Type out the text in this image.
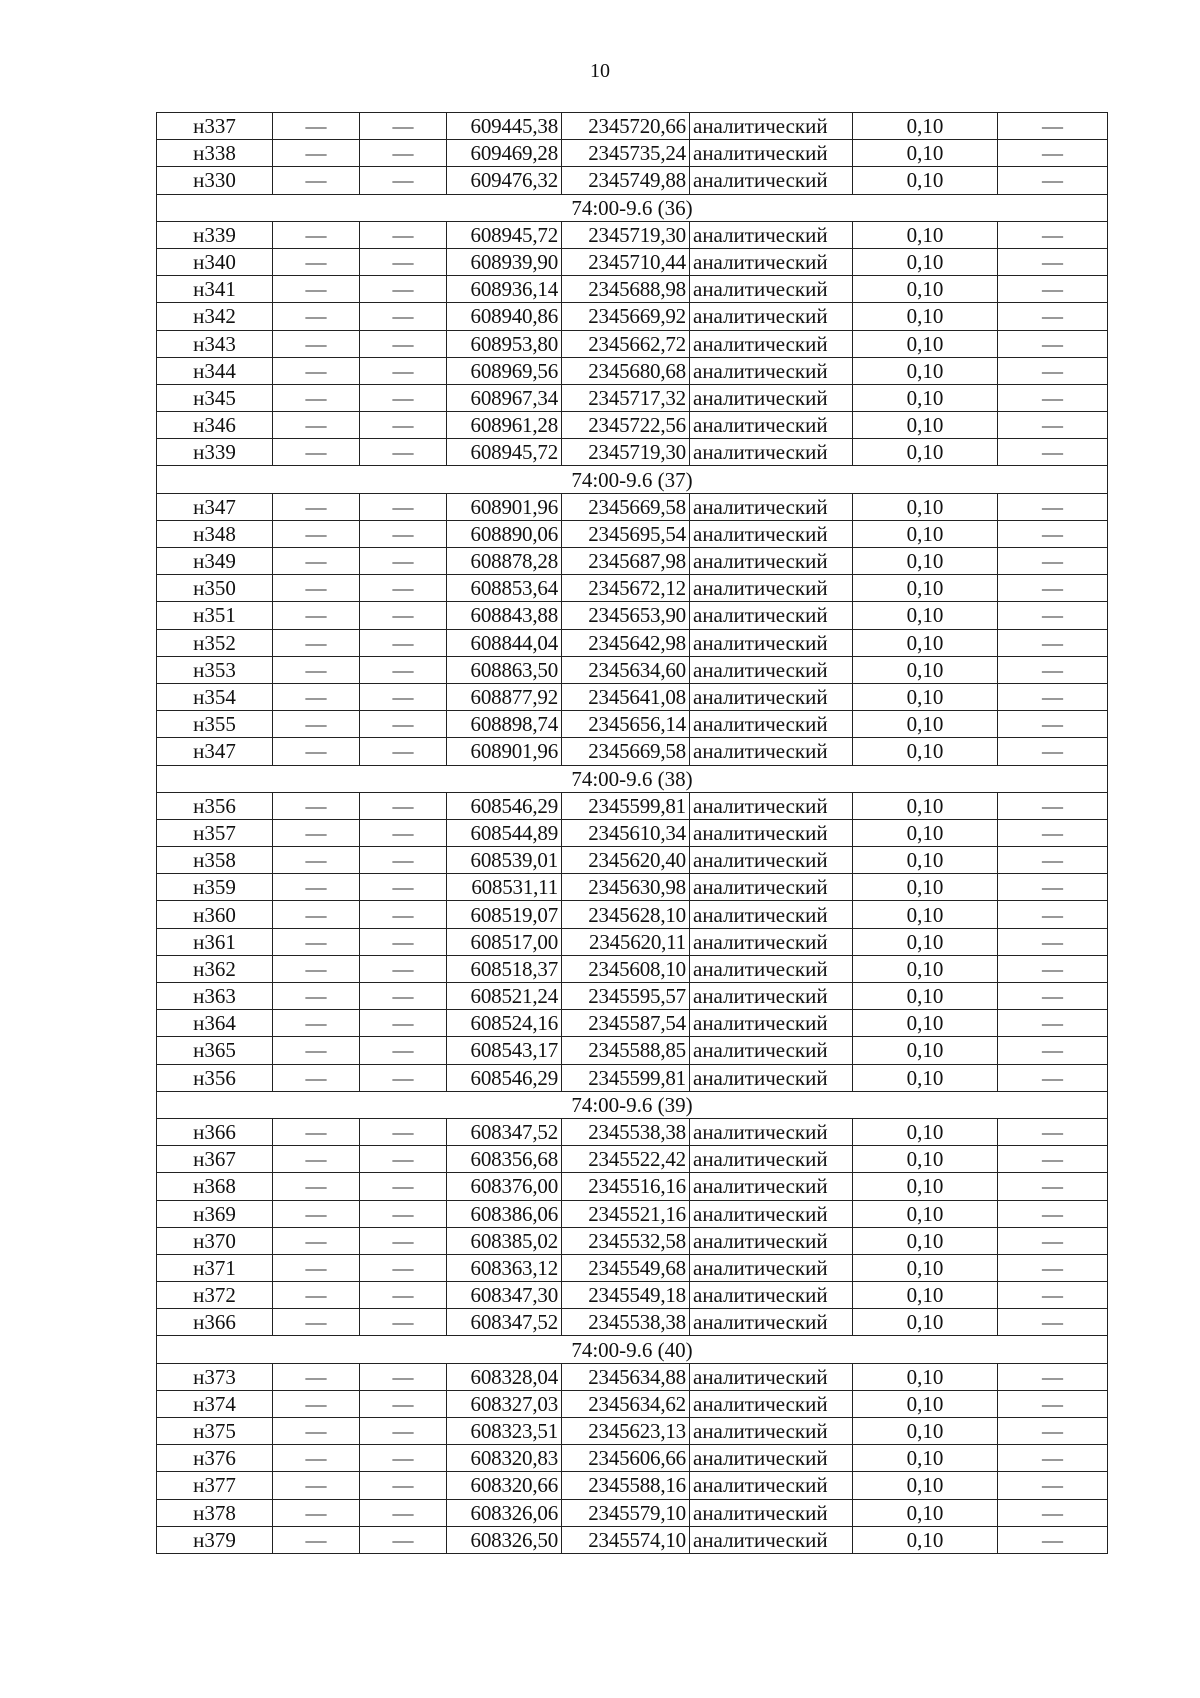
10
н337	—	—	609445,38	2345720,66	аналитический	0,10	—
н338	—	—	609469,28	2345735,24	аналитический	0,10	—
н330	—	—	609476,32	2345749,88	аналитический	0,10	—
74:00-9.6 (36)							
н339	—	—	608945,72	2345719,30	аналитический	0,10	—
н340	—	—	608939,90	2345710,44	аналитический	0,10	—
н341	—	—	608936,14	2345688,98	аналитический	0,10	—
н342	—	—	608940,86	2345669,92	аналитический	0,10	—
н343	—	—	608953,80	2345662,72	аналитический	0,10	—
н344	—	—	608969,56	2345680,68	аналитический	0,10	—
н345	—	—	608967,34	2345717,32	аналитический	0,10	—
н346	—	—	608961,28	2345722,56	аналитический	0,10	—
н339	—	—	608945,72	2345719,30	аналитический	0,10	—
74:00-9.6 (37)							
н347	—	—	608901,96	2345669,58	аналитический	0,10	—
н348	—	—	608890,06	2345695,54	аналитический	0,10	—
н349	—	—	608878,28	2345687,98	аналитический	0,10	—
н350	—	—	608853,64	2345672,12	аналитический	0,10	—
н351	—	—	608843,88	2345653,90	аналитический	0,10	—
н352	—	—	608844,04	2345642,98	аналитический	0,10	—
н353	—	—	608863,50	2345634,60	аналитический	0,10	—
н354	—	—	608877,92	2345641,08	аналитический	0,10	—
н355	—	—	608898,74	2345656,14	аналитический	0,10	—
н347	—	—	608901,96	2345669,58	аналитический	0,10	—
74:00-9.6 (38)							
н356	—	—	608546,29	2345599,81	аналитический	0,10	—
н357	—	—	608544,89	2345610,34	аналитический	0,10	—
н358	—	—	608539,01	2345620,40	аналитический	0,10	—
н359	—	—	608531,11	2345630,98	аналитический	0,10	—
н360	—	—	608519,07	2345628,10	аналитический	0,10	—
н361	—	—	608517,00	2345620,11	аналитический	0,10	—
н362	—	—	608518,37	2345608,10	аналитический	0,10	—
н363	—	—	608521,24	2345595,57	аналитический	0,10	—
н364	—	—	608524,16	2345587,54	аналитический	0,10	—
н365	—	—	608543,17	2345588,85	аналитический	0,10	—
н356	—	—	608546,29	2345599,81	аналитический	0,10	—
74:00-9.6 (39)							
н366	—	—	608347,52	2345538,38	аналитический	0,10	—
н367	—	—	608356,68	2345522,42	аналитический	0,10	—
н368	—	—	608376,00	2345516,16	аналитический	0,10	—
н369	—	—	608386,06	2345521,16	аналитический	0,10	—
н370	—	—	608385,02	2345532,58	аналитический	0,10	—
н371	—	—	608363,12	2345549,68	аналитический	0,10	—
н372	—	—	608347,30	2345549,18	аналитический	0,10	—
н366	—	—	608347,52	2345538,38	аналитический	0,10	—
74:00-9.6 (40)							
н373	—	—	608328,04	2345634,88	аналитический	0,10	—
н374	—	—	608327,03	2345634,62	аналитический	0,10	—
н375	—	—	608323,51	2345623,13	аналитический	0,10	—
н376	—	—	608320,83	2345606,66	аналитический	0,10	—
н377	—	—	608320,66	2345588,16	аналитический	0,10	—
н378	—	—	608326,06	2345579,10	аналитический	0,10	—
н379	—	—	608326,50	2345574,10	аналитический	0,10	—
